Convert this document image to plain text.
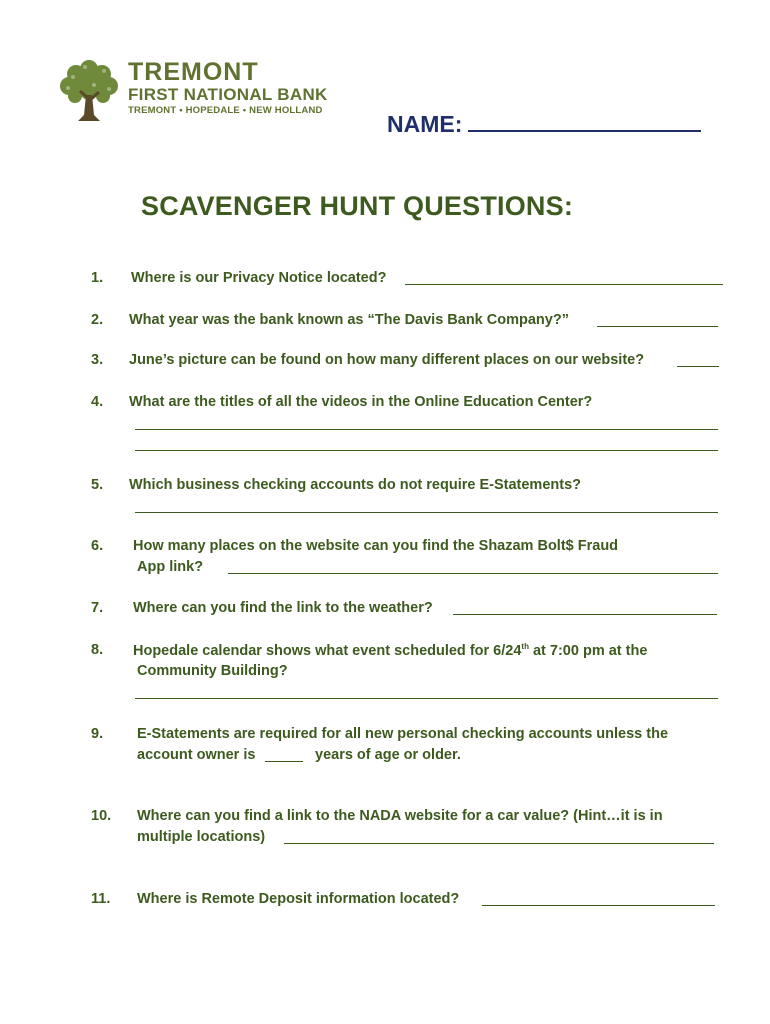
TREMONT
FIRST NATIONAL BANK
TREMONT • HOPEDALE • NEW HOLLAND
NAME:
SCAVENGER HUNT QUESTIONS:
1. Where is our Privacy Notice located?
2. What year was the bank known as “The Davis Bank Company?”
3. June’s picture can be found on how many different places on our website?
4. What are the titles of all the videos in the Online Education Center?
5. Which business checking accounts do not require E-Statements?
6. How many places on the website can you find the Shazam Bolt$ Fraud
App link?
7. Where can you find the link to the weather?
8. Hopedale calendar shows what event scheduled for 6/24th at 7:00 pm at the
Community Building?
9. E-Statements are required for all new personal checking accounts unless the
account owner is	years of age or older.
10. Where can you find a link to the NADA website for a car value? (Hint…it is in
multiple locations)
11. Where is Remote Deposit information located?
